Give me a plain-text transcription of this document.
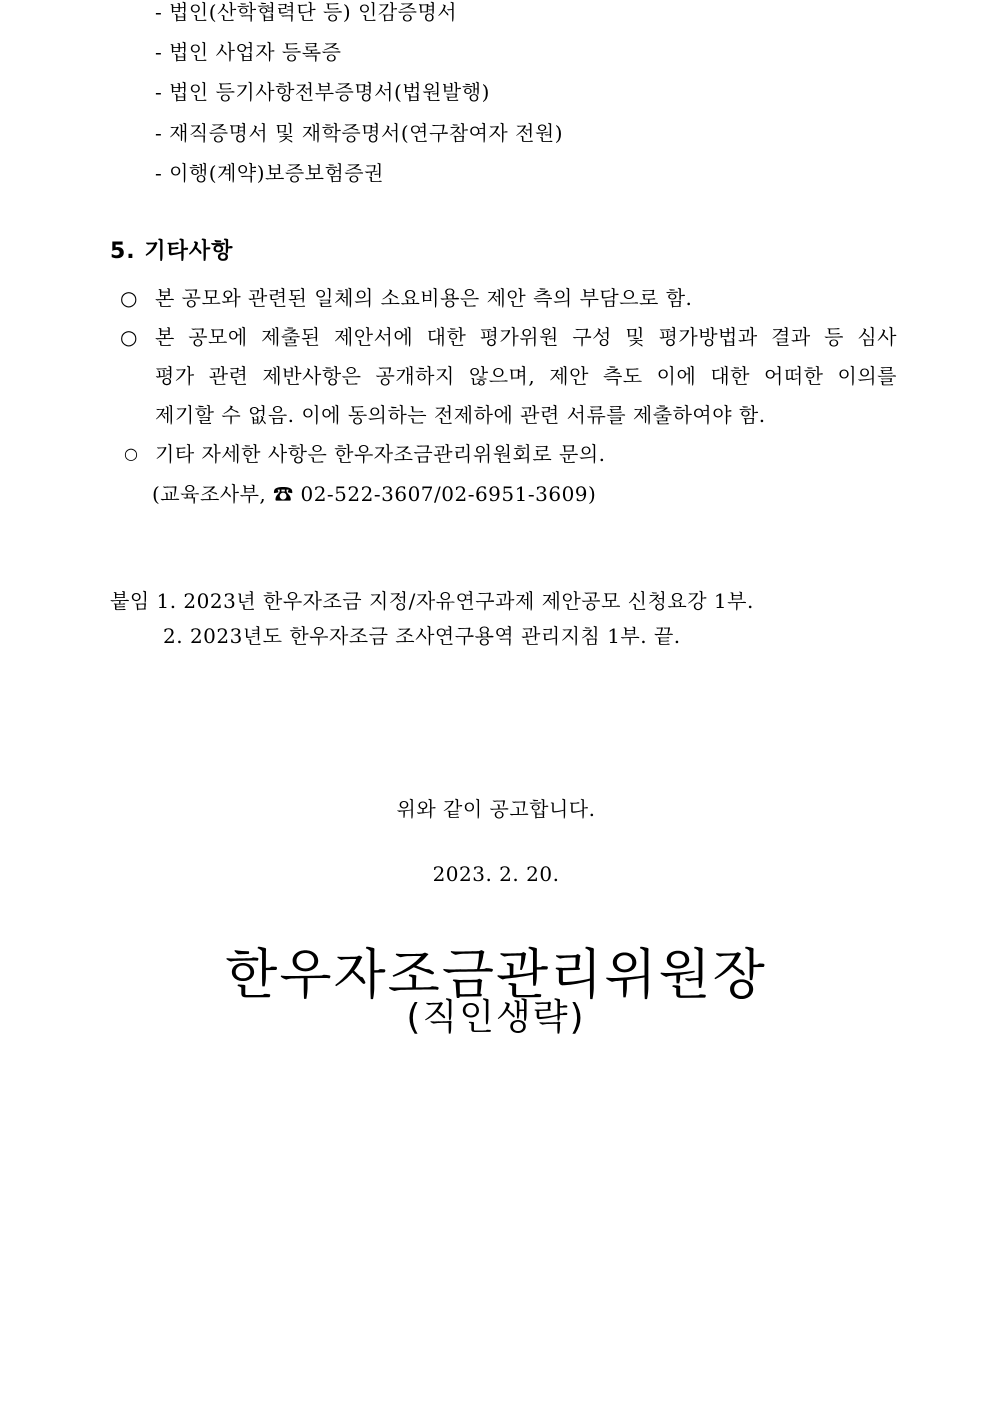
- 법인(산학협력단 등) 인감증명서
- 법인 사업자 등록증
- 법인 등기사항전부증명서(법원발행)
- 재직증명서 및 재학증명서(연구참여자 전원)
- 이행(계약)보증보험증권
5. 기타사항
○ 본 공모와 관련된 일체의 소요비용은 제안 측의 부담으로 함.
○ 본 공모에 제출된 제안서에 대한 평가위원 구성 및 평가방법과 결과 등 심사
평가 관련 제반사항은 공개하지 않으며, 제안 측도 이에 대한 어떠한 이의를
제기할 수 없음. 이에 동의하는 전제하에 관련 서류를 제출하여야 함.
○ 기타 자세한 사항은 한우자조금관리위원회로 문의.
(교육조사부, ☎ 02-522-3607/02-6951-3609)
붙임 1. 2023년 한우자조금 지정/자유연구과제 제안공모 신청요강 1부.
2. 2023년도 한우자조금 조사연구용역 관리지침 1부. 끝.
위와 같이 공고합니다.
2023. 2. 20.
한우자조금관리위원장
(직인생략)
